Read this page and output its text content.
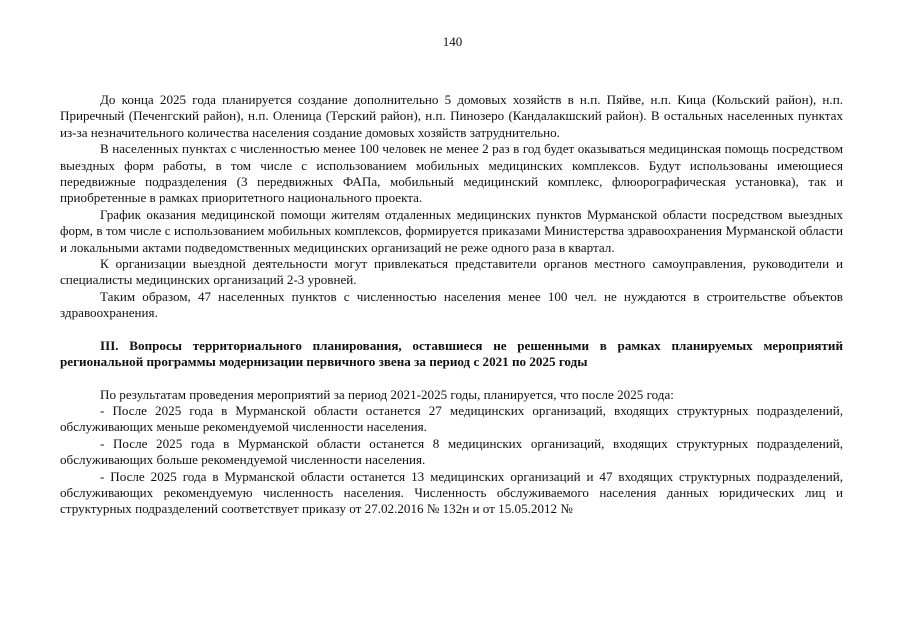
140

До конца 2025 года планируется создание дополнительно 5 домовых хозяйств в н.п. Пяйве, н.п. Кица (Кольский район), н.п. Приречный (Печенгский район), н.п. Оленица (Терский район), н.п. Пинозеро (Кандалакшский район). В остальных населенных пунктах из-за незначительного количества населения создание домовых хозяйств затруднительно.

В населенных пунктах с численностью менее 100 человек не менее 2 раз в год будет оказываться медицинская помощь посредством выездных форм работы, в том числе с использованием мобильных медицинских комплексов. Будут использованы имеющиеся передвижные подразделения (3 передвижных ФАПа, мобильный медицинский комплекс, флюорографическая установка), так и приобретенные в рамках приоритетного национального проекта.

График оказания медицинской помощи жителям отдаленных медицинских пунктов Мурманской области посредством выездных форм, в том числе с использованием мобильных комплексов, формируется приказами Министерства здравоохранения Мурманской области и локальными актами подведомственных медицинских организаций не реже одного раза в квартал.

К организации выездной деятельности могут привлекаться представители органов местного самоуправления, руководители и специалисты медицинских организаций 2-3 уровней.

Таким образом, 47 населенных пунктов с численностью населения менее 100 чел. не нуждаются в строительстве объектов здравоохранения.

III. Вопросы территориального планирования, оставшиеся не решенными в рамках планируемых мероприятий региональной программы модернизации первичного звена за период с 2021 по 2025 годы

По результатам проведения мероприятий за период 2021-2025 годы, планируется, что после 2025 года:

- После 2025 года в Мурманской области останется 27 медицинских организаций, входящих структурных подразделений, обслуживающих меньше рекомендуемой численности населения.

- После 2025 года в Мурманской области останется 8 медицинских организаций, входящих структурных подразделений, обслуживающих больше рекомендуемой численности населения.

- После 2025 года в Мурманской области останется 13 медицинских организаций и 47 входящих структурных подразделений, обслуживающих рекомендуемую численность населения. Численность обслуживаемого населения данных юридических лиц и структурных подразделений соответствует приказу от 27.02.2016 № 132н и от 15.05.2012 №
